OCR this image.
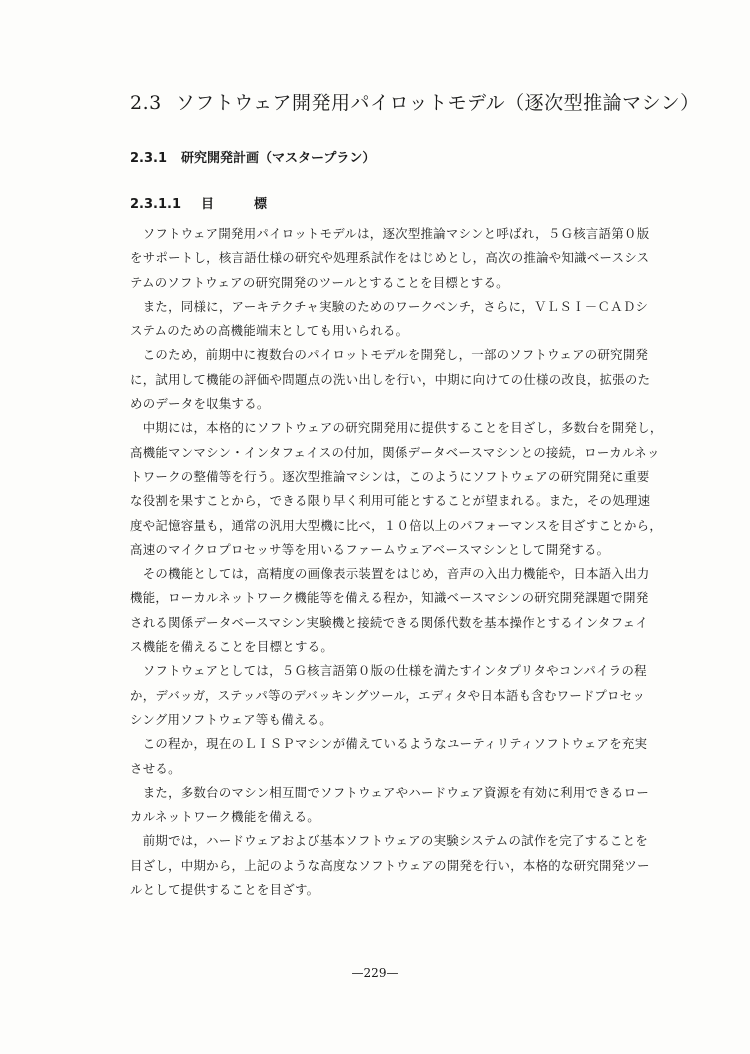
2.3 ソフトウェア開発用パイロットモデル（逐次型推論マシン）
2.3.1 研究開発計画（マスタープラン）
2.3.1.1 目標
　ソフトウェア開発用パイロットモデルは，逐次型推論マシンと呼ばれ，５Ｇ核言語第０版
をサポートし，核言語仕様の研究や処理系試作をはじめとし，高次の推論や知識ベースシス
テムのソフトウェアの研究開発のツールとすることを目標とする。
　また，同様に，アーキテクチャ実験のためのワークベンチ，さらに，ＶＬＳＩ－ＣＡＤシ
ステムのための高機能端末としても用いられる。
　このため，前期中に複数台のパイロットモデルを開発し，一部のソフトウェアの研究開発
に，試用して機能の評価や問題点の洗い出しを行い，中期に向けての仕様の改良，拡張のた
めのデータを収集する。
　中期には，本格的にソフトウェアの研究開発用に提供することを目ざし，多数台を開発し，
高機能マンマシン・インタフェイスの付加，関係データベースマシンとの接続，ローカルネッ
トワークの整備等を行う。逐次型推論マシンは，このようにソフトウェアの研究開発に重要
な役割を果すことから，できる限り早く利用可能とすることが望まれる。また，その処理速
度や記憶容量も，通常の汎用大型機に比べ，１０倍以上のパフォーマンスを目ざすことから，
高速のマイクロプロセッサ等を用いるファームウェアベースマシンとして開発する。
　その機能としては，高精度の画像表示装置をはじめ，音声の入出力機能や，日本語入出力
機能，ローカルネットワーク機能等を備える程か，知識ベースマシンの研究開発課題で開発
される関係データベースマシン実験機と接続できる関係代数を基本操作とするインタフェイ
ス機能を備えることを目標とする。
　ソフトウェアとしては，５Ｇ核言語第０版の仕様を満たすインタプリタやコンパイラの程
か，デバッガ，ステッパ等のデバッキングツール，エディタや日本語も含むワードプロセッ
シング用ソフトウェア等も備える。
　この程か，現在のＬＩＳＰマシンが備えているようなユーティリティソフトウェアを充実
させる。
　また，多数台のマシン相互間でソフトウェアやハードウェア資源を有効に利用できるロー
カルネットワーク機能を備える。
　前期では，ハードウェアおよび基本ソフトウェアの実験システムの試作を完了することを
目ざし，中期から，上記のような高度なソフトウェアの開発を行い，本格的な研究開発ツー
ルとして提供することを目ざす。
—229—
